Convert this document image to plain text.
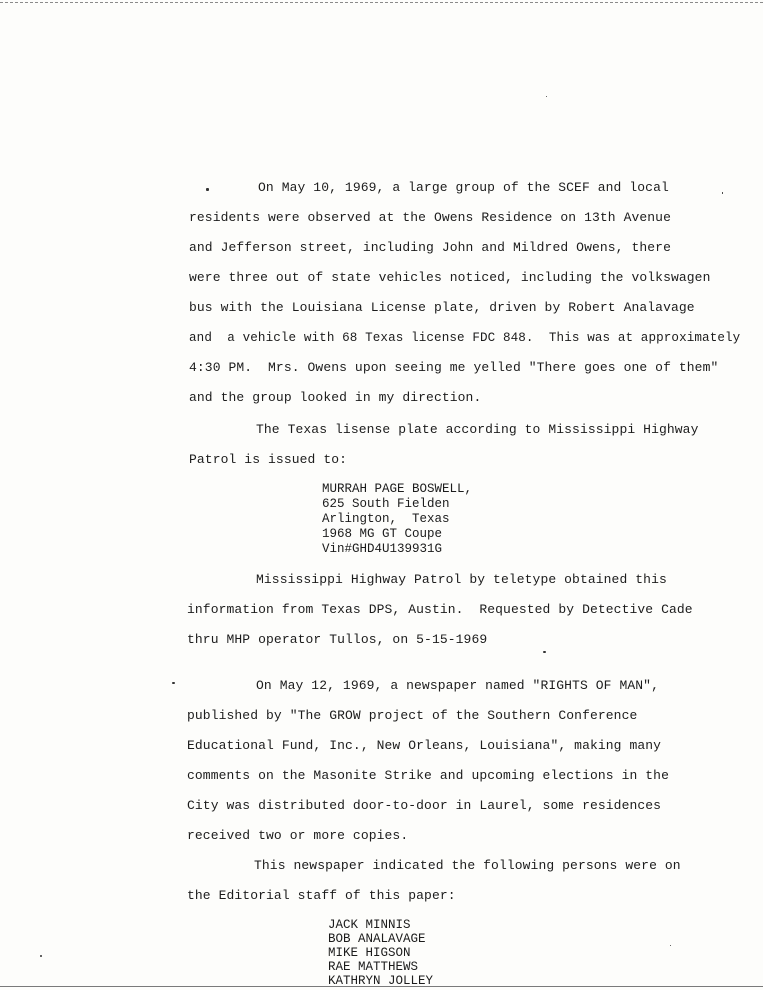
On May 10, 1969, a large group of the SCEF and local
residents were observed at the Owens Residence on 13th Avenue
and Jefferson street, including John and Mildred Owens, there
were three out of state vehicles noticed, including the volkswagen
bus with the Louisiana License plate, driven by Robert Analavage
and  a vehicle with 68 Texas license FDC 848.  This was at approximately
4:30 PM.  Mrs. Owens upon seeing me yelled "There goes one of them"
and the group looked in my direction.
The Texas lisense plate according to Mississippi Highway
Patrol is issued to:
MURRAH PAGE BOSWELL,
625 South Fielden
Arlington,  Texas
1968 MG GT Coupe
Vin#GHD4U139931G
Mississippi Highway Patrol by teletype obtained this
information from Texas DPS, Austin.  Requested by Detective Cade
thru MHP operator Tullos, on 5-15-1969
On May 12, 1969, a newspaper named "RIGHTS OF MAN",
published by "The GROW project of the Southern Conference
Educational Fund, Inc., New Orleans, Louisiana", making many
comments on the Masonite Strike and upcoming elections in the
City was distributed door-to-door in Laurel, some residences
received two or more copies.
This newspaper indicated the following persons were on
the Editorial staff of this paper:
JACK MINNIS
BOB ANALAVAGE
MIKE HIGSON
RAE MATTHEWS
KATHRYN JOLLEY
